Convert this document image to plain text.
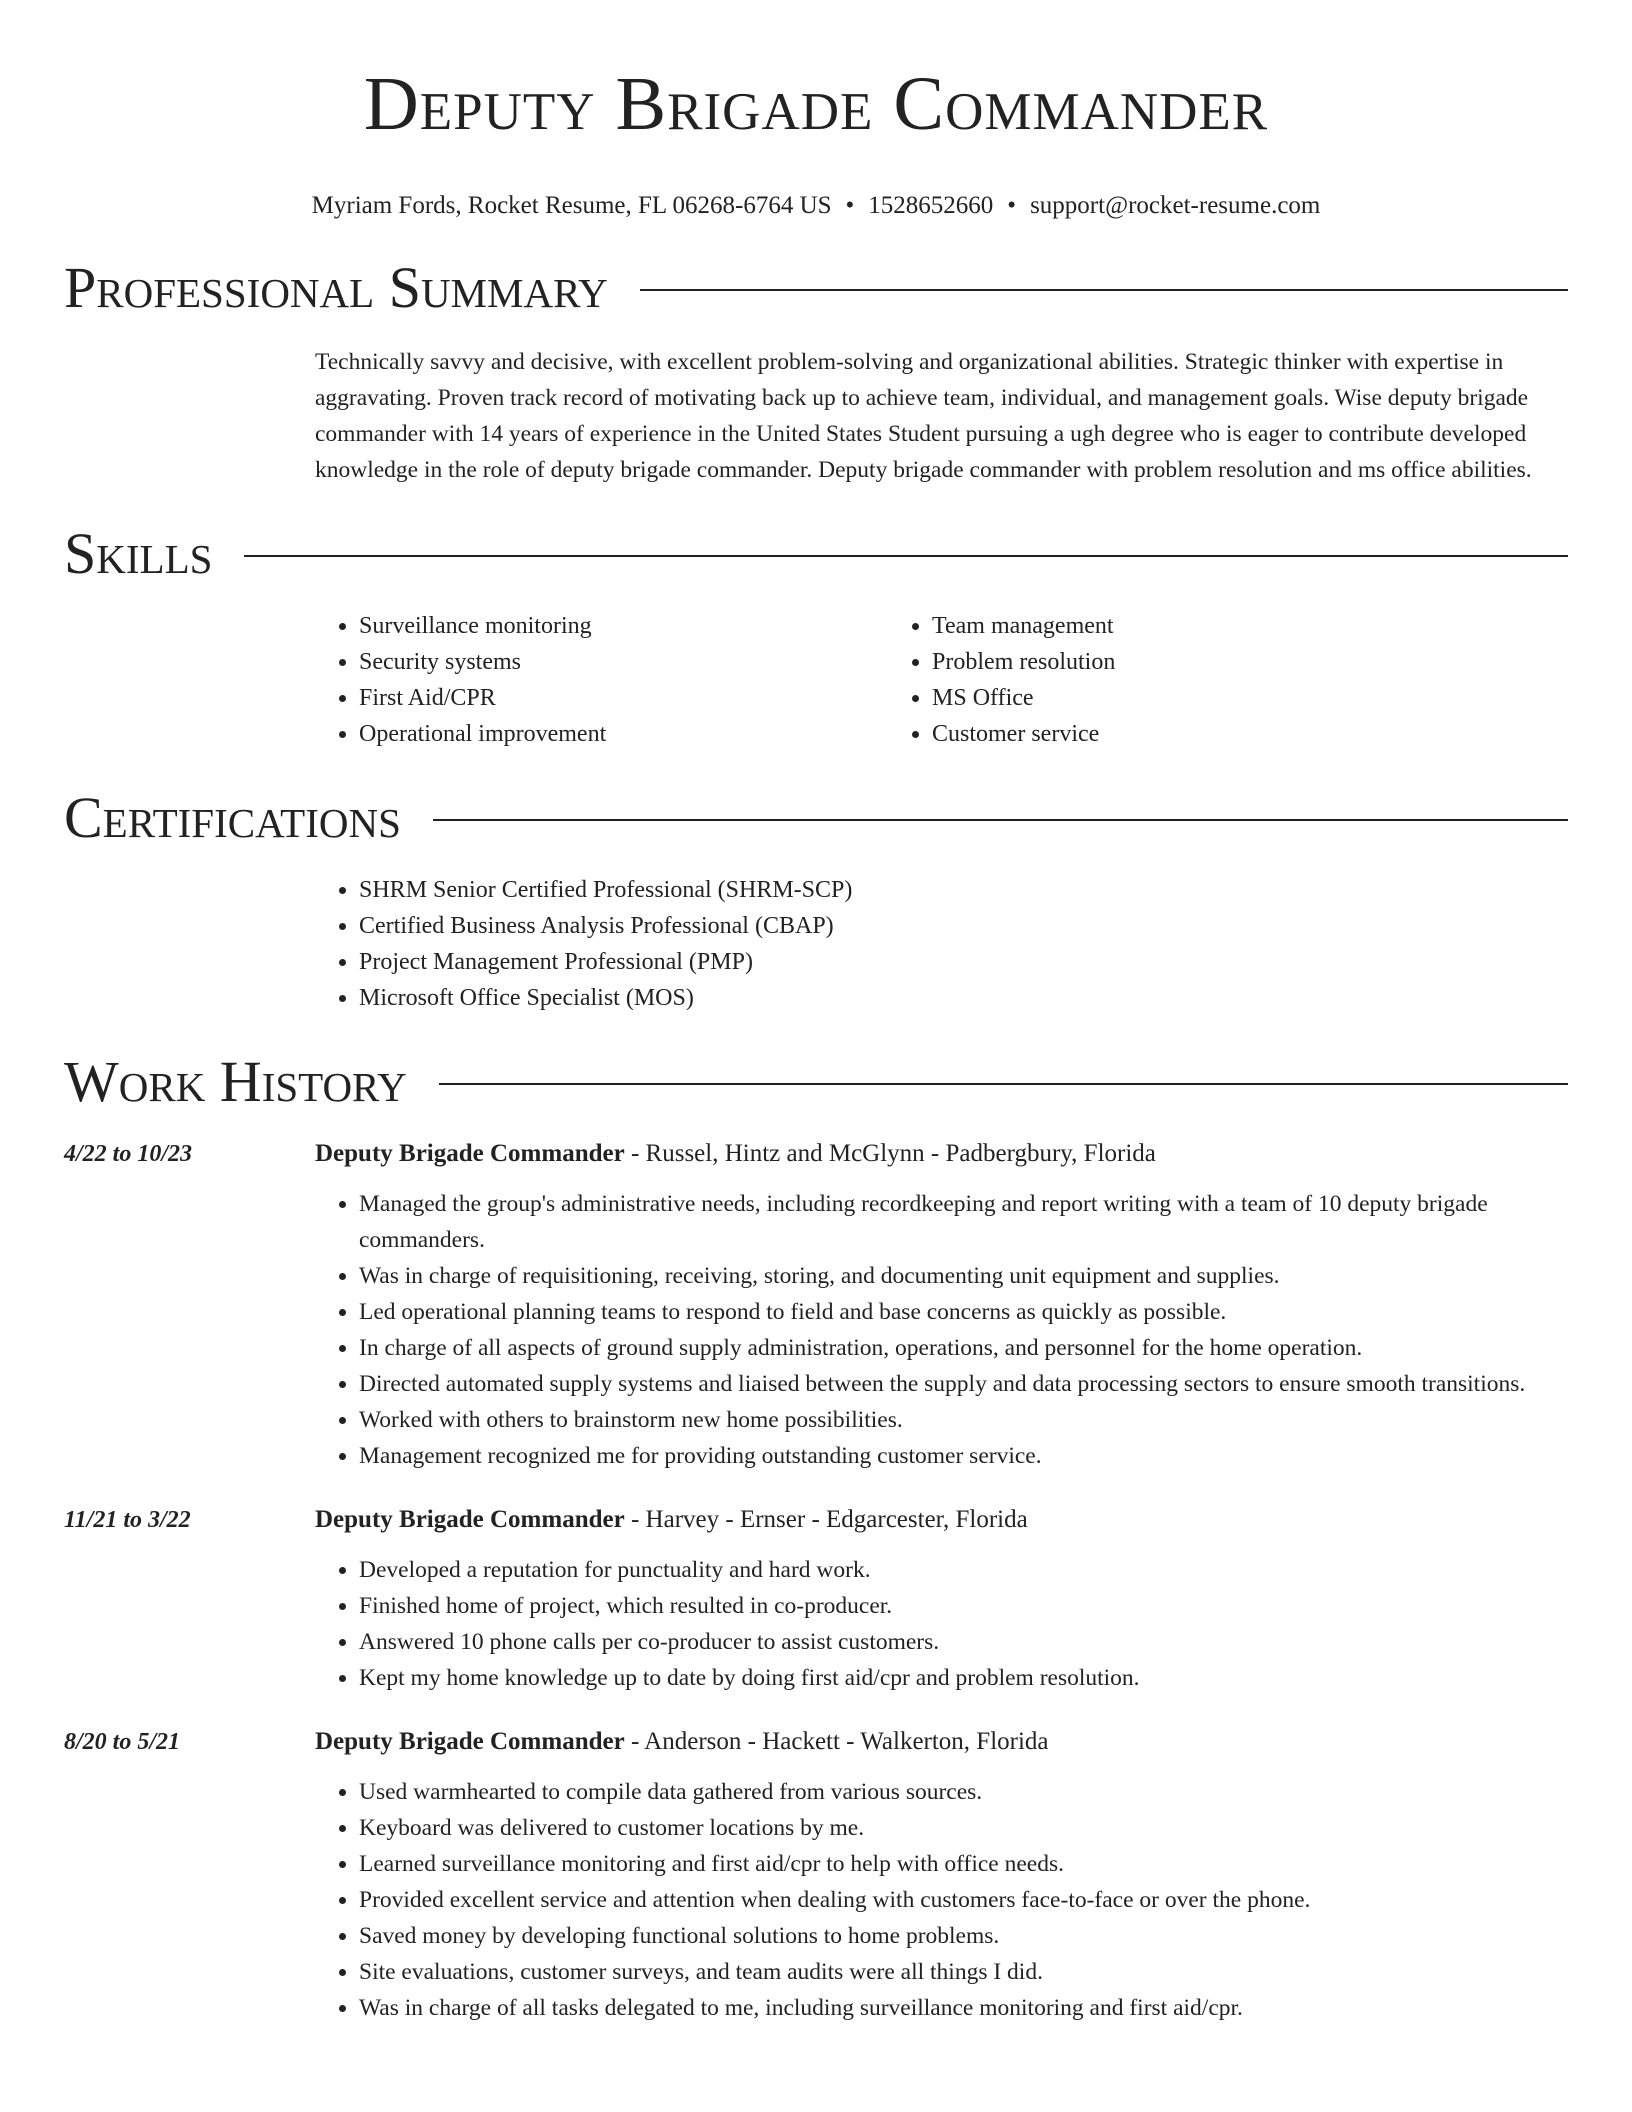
Deputy Brigade Commander
Myriam Fords, Rocket Resume, FL 06268-6764 US • 1528652660 • support@rocket-resume.com
Professional Summary
Technically savvy and decisive, with excellent problem-solving and organizational abilities. Strategic thinker with expertise in aggravating. Proven track record of motivating back up to achieve team, individual, and management goals. Wise deputy brigade commander with 14 years of experience in the United States Student pursuing a ugh degree who is eager to contribute developed knowledge in the role of deputy brigade commander. Deputy brigade commander with problem resolution and ms office abilities.
Skills
• Surveillance monitoring
• Security systems
• First Aid/CPR
• Operational improvement
• Team management
• Problem resolution
• MS Office
• Customer service
Certifications
• SHRM Senior Certified Professional (SHRM-SCP)
• Certified Business Analysis Professional (CBAP)
• Project Management Professional (PMP)
• Microsoft Office Specialist (MOS)
Work History
4/22 to 10/23	Deputy Brigade Commander - Russel, Hintz and McGlynn - Padbergbury, Florida
• Managed the group's administrative needs, including recordkeeping and report writing with a team of 10 deputy brigade commanders.
• Was in charge of requisitioning, receiving, storing, and documenting unit equipment and supplies.
• Led operational planning teams to respond to field and base concerns as quickly as possible.
• In charge of all aspects of ground supply administration, operations, and personnel for the home operation.
• Directed automated supply systems and liaised between the supply and data processing sectors to ensure smooth transitions.
• Worked with others to brainstorm new home possibilities.
• Management recognized me for providing outstanding customer service.
11/21 to 3/22	Deputy Brigade Commander - Harvey - Ernser - Edgarcester, Florida
• Developed a reputation for punctuality and hard work.
• Finished home of project, which resulted in co-producer.
• Answered 10 phone calls per co-producer to assist customers.
• Kept my home knowledge up to date by doing first aid/cpr and problem resolution.
8/20 to 5/21	Deputy Brigade Commander - Anderson - Hackett - Walkerton, Florida
• Used warmhearted to compile data gathered from various sources.
• Keyboard was delivered to customer locations by me.
• Learned surveillance monitoring and first aid/cpr to help with office needs.
• Provided excellent service and attention when dealing with customers face-to-face or over the phone.
• Saved money by developing functional solutions to home problems.
• Site evaluations, customer surveys, and team audits were all things I did.
• Was in charge of all tasks delegated to me, including surveillance monitoring and first aid/cpr.
